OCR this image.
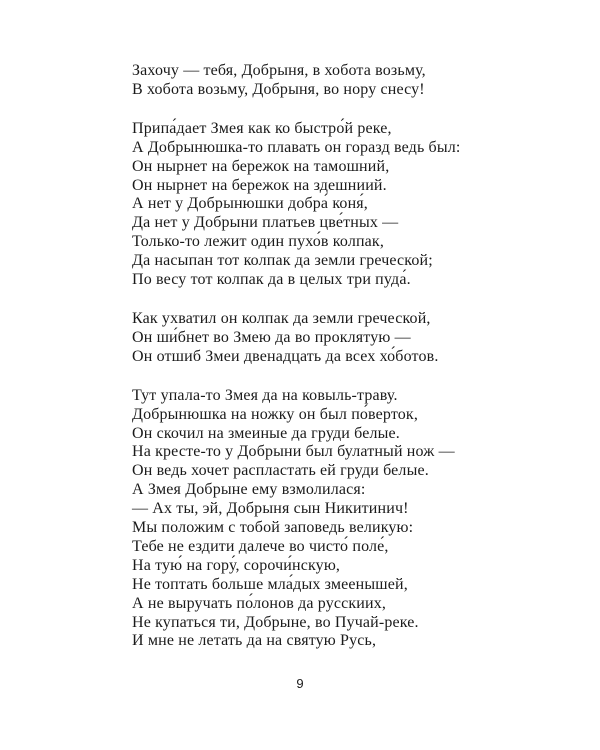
Захочу — тебя, Добрыня, в хобота возьму,
В хобота возьму, Добрыня, во нору снесу!
Припа́дает Змея как ко быстро́й реке,
А Добрынюшка-то плавать он горазд ведь был:
Он нырнет на бережок на тамошний,
Он нырнет на бережок на здешниий.
А нет у Добрынюшки добра́ коня́,
Да нет у Добрыни платьев цве́тных —
Только-то лежит один пухо́в колпак,
Да насыпан тот колпак да земли греческой;
По весу тот колпак да в целых три пуда́.
Как ухватил он колпак да земли греческой,
Он ши́бнет во Змею да во проклятую —
Он отшиб Змеи двенадцать да всех хо́ботов.
Тут упала-то Змея да на ковыль-траву.
Добрынюшка на ножку он был по́верток,
Он скочил на змеиные да груди белые.
На кресте-то у Добрыни был булатный нож —
Он ведь хочет распластать ей груди белые.
А Змея Добрыне ему взмолилася:
— Ах ты, эй, Добрыня сын Никитинич!
Мы положим с тобой заповедь великую:
Тебе не ездити далече во чисто́ поле́,
На тую́ на гору́, сорочи́нскую,
Не топтать больше мла́дых змеенышей,
А не выручать по́лонов да русскиих,
Не купаться ти, Добрыне, во Пучай-реке.
И мне не летать да на святую Русь,
9
